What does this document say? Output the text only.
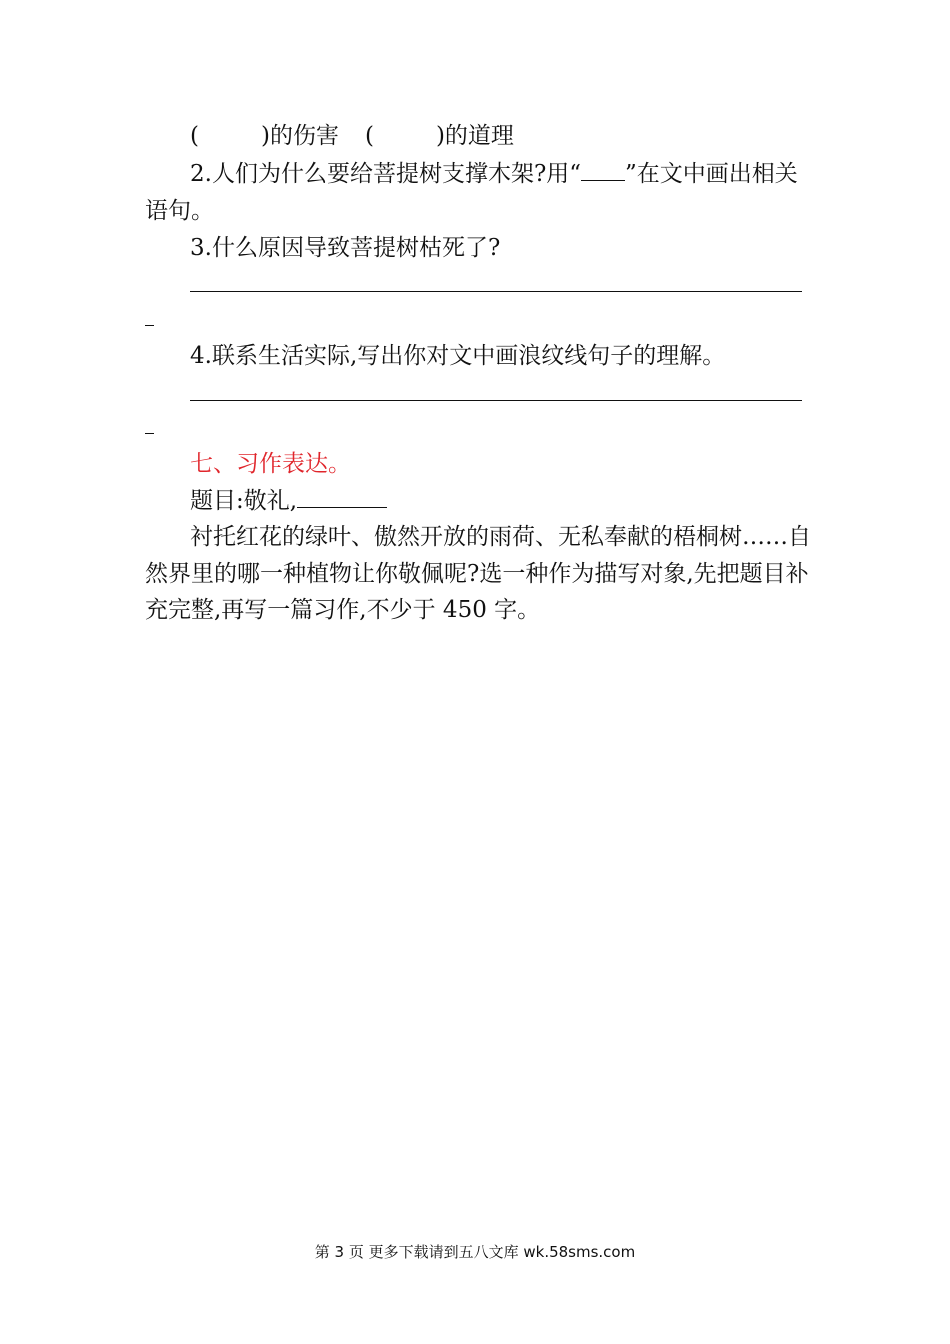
(	)的伤害 (	)的道理
2.人们为什么要给菩提树支撑木架?用“ ”在文中画出相关
语句。
3.什么原因导致菩提树枯死了?
4.联系生活实际,写出你对文中画浪纹线句子的理解。
七、习作表达。
题目:敬礼,
衬托红花的绿叶、傲然开放的雨荷、无私奉献的梧桐树……自
然界里的哪一种植物让你敬佩呢?选一种作为描写对象,先把题目补
充完整,再写一篇习作,不少于 450 字。
第 3 页 更多下载请到五八文库 wk.58sms.com
